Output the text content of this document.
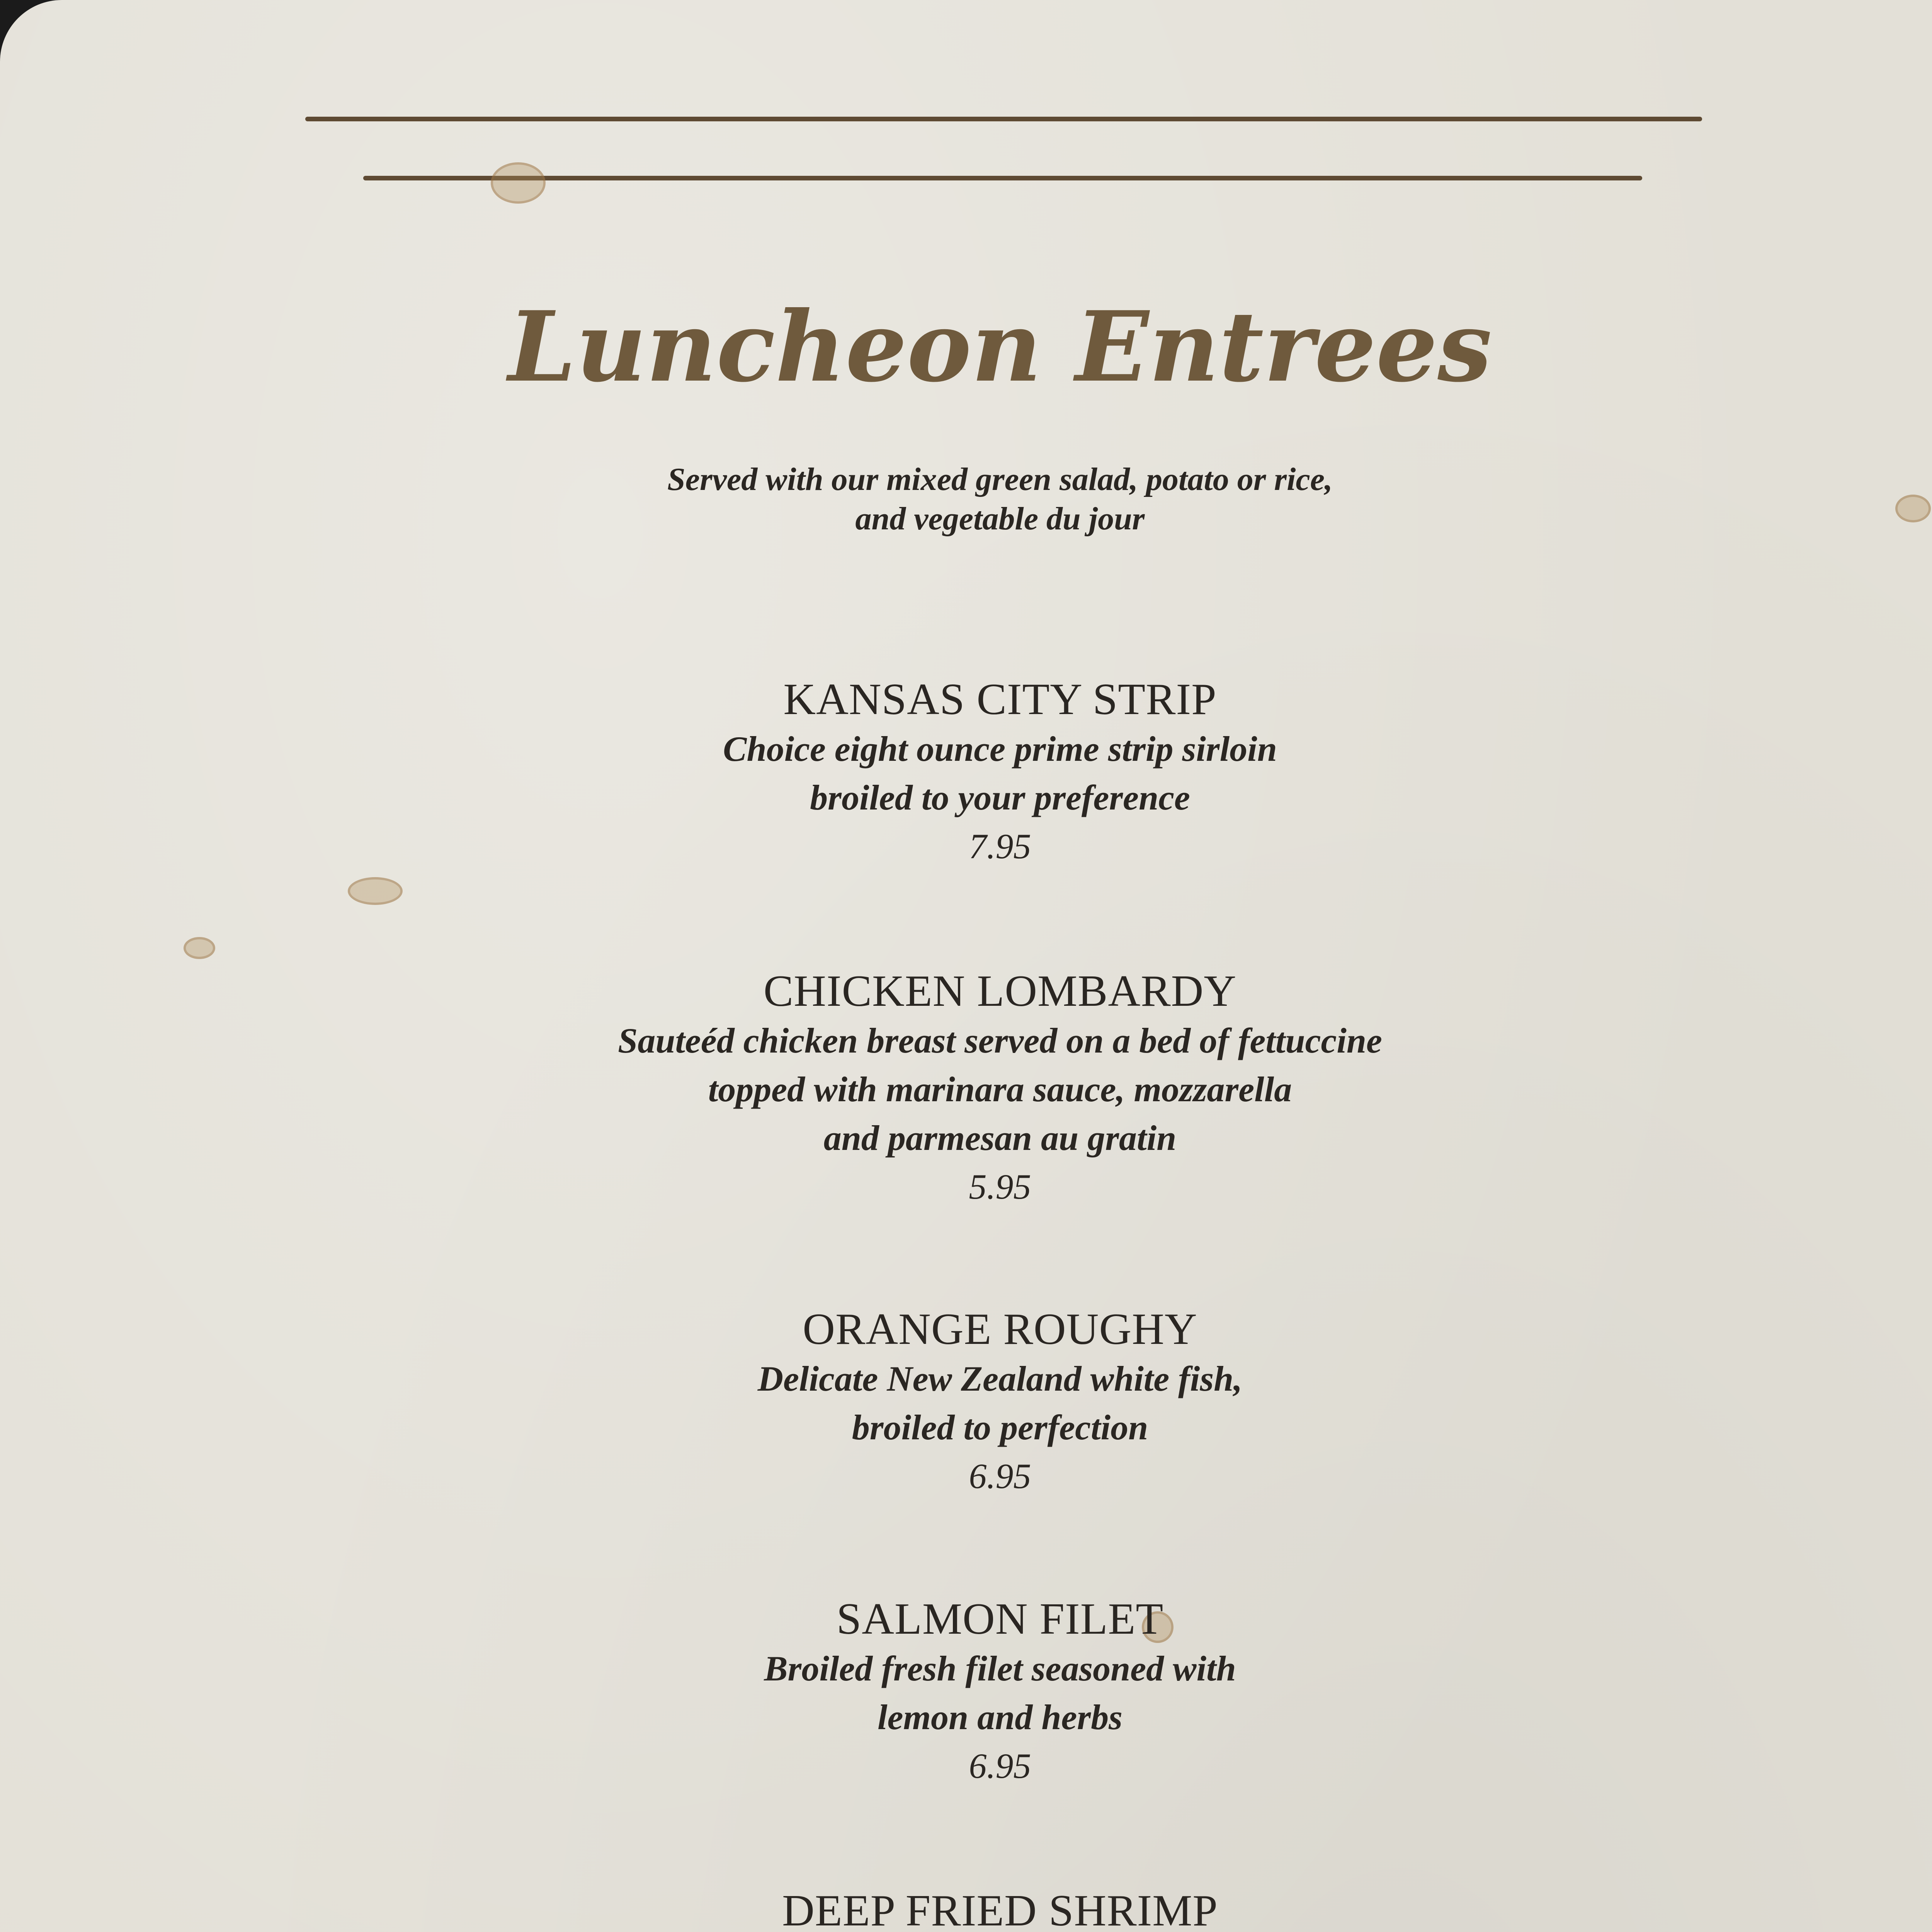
Luncheon Entrees
Served with our mixed green salad, potato or rice,
and vegetable du jour
KANSAS CITY STRIP
Choice eight ounce prime strip sirloin
broiled to your preference
7.95
CHICKEN LOMBARDY
Sauteéd chicken breast served on a bed of fettuccine
topped with marinara sauce, mozzarella
and parmesan au gratin
5.95
ORANGE ROUGHY
Delicate New Zealand white fish,
broiled to perfection
6.95
SALMON FILET
Broiled fresh filet seasoned with
lemon and herbs
6.95
DEEP FRIED SHRIMP
